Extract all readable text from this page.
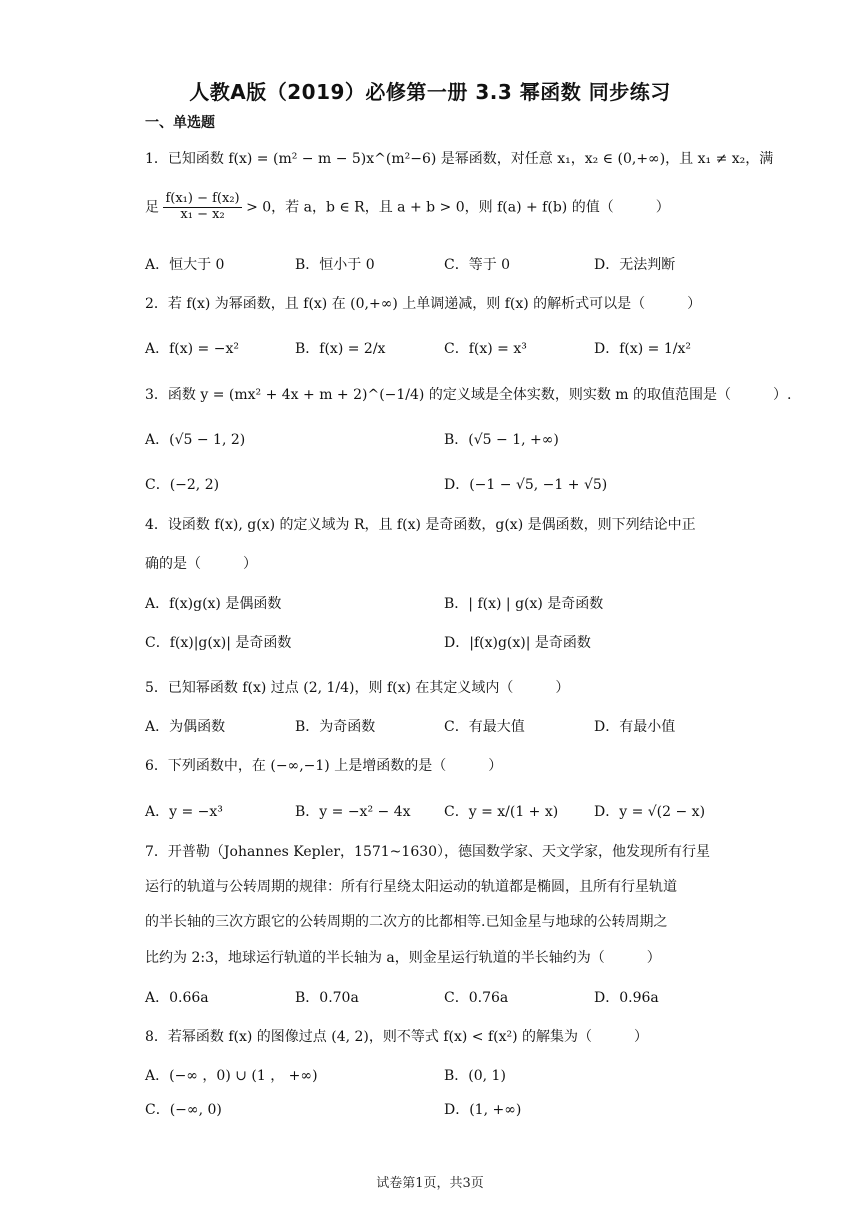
人教A版（2019）必修第一册 3.3 幂函数 同步练习
一、单选题
1．已知函数 f(x) = (m² − m − 5)x^(m²−6) 是幂函数，对任意 x₁，x₂ ∈ (0,+∞)，且 x₁ ≠ x₂，满
足 $\frac{\text{f(x₁) − f(x₂)}}{\text{x₁ − x₂}} > 0$，若 a，b ∈ R，且 a + b > 0，则 f(a) + f(b) 的值（　　　）
A．恒大于 0	B．恒小于 0	C．等于 0	D．无法判断
2．若 f(x) 为幂函数，且 f(x) 在 (0,+∞) 上单调递减，则 f(x) 的解析式可以是（　　　）
A．f(x) = −x²	B．f(x) = 2/x	C．f(x) = x³	D．f(x) = 1/x²
3．函数 y = (mx² + 4x + m + 2)^(−1/4) 的定义域是全体实数，则实数 m 的取值范围是（　　　）.
A．(√5 − 1, 2)	B．(√5 − 1, +∞)
C．(−2, 2)	D．(−1 − √5, −1 + √5)
4．设函数 f(x), g(x) 的定义域为 R，且 f(x) 是奇函数，g(x) 是偶函数，则下列结论中正
确的是（　　　）
A．f(x)g(x) 是偶函数	B．| f(x) | g(x) 是奇函数
C．f(x)|g(x)| 是奇函数	D．|f(x)g(x)| 是奇函数
5．已知幂函数 f(x) 过点 (2, 1/4)，则 f(x) 在其定义域内（　　　）
A．为偶函数	B．为奇函数	C．有最大值	D．有最小值
6．下列函数中，在 (−∞,−1) 上是增函数的是（　　　）
A．y = −x³	B．y = −x² − 4x C．y = x/(1 + x)	D．y = √(2 − x)
7．开普勒（Johannes Kepler，1571~1630），德国数学家、天文学家，他发现所有行星
运行的轨道与公转周期的规律：所有行星绕太阳运动的轨道都是椭圆，且所有行星轨道
的半长轴的三次方跟它的公转周期的二次方的比都相等.已知金星与地球的公转周期之
比约为 2:3，地球运行轨道的半长轴为 a，则金星运行轨道的半长轴约为（　　　）
A．0.66a	B．0.70a	C．0.76a	D．0.96a
8．若幂函数 f(x) 的图像过点 (4, 2)，则不等式 f(x) < f(x²) 的解集为（　　　）
A．(−∞ ，0) ∪ (1 ， +∞)	B．(0, 1)
C．(−∞, 0)	D．(1, +∞)
试卷第1页，共3页
